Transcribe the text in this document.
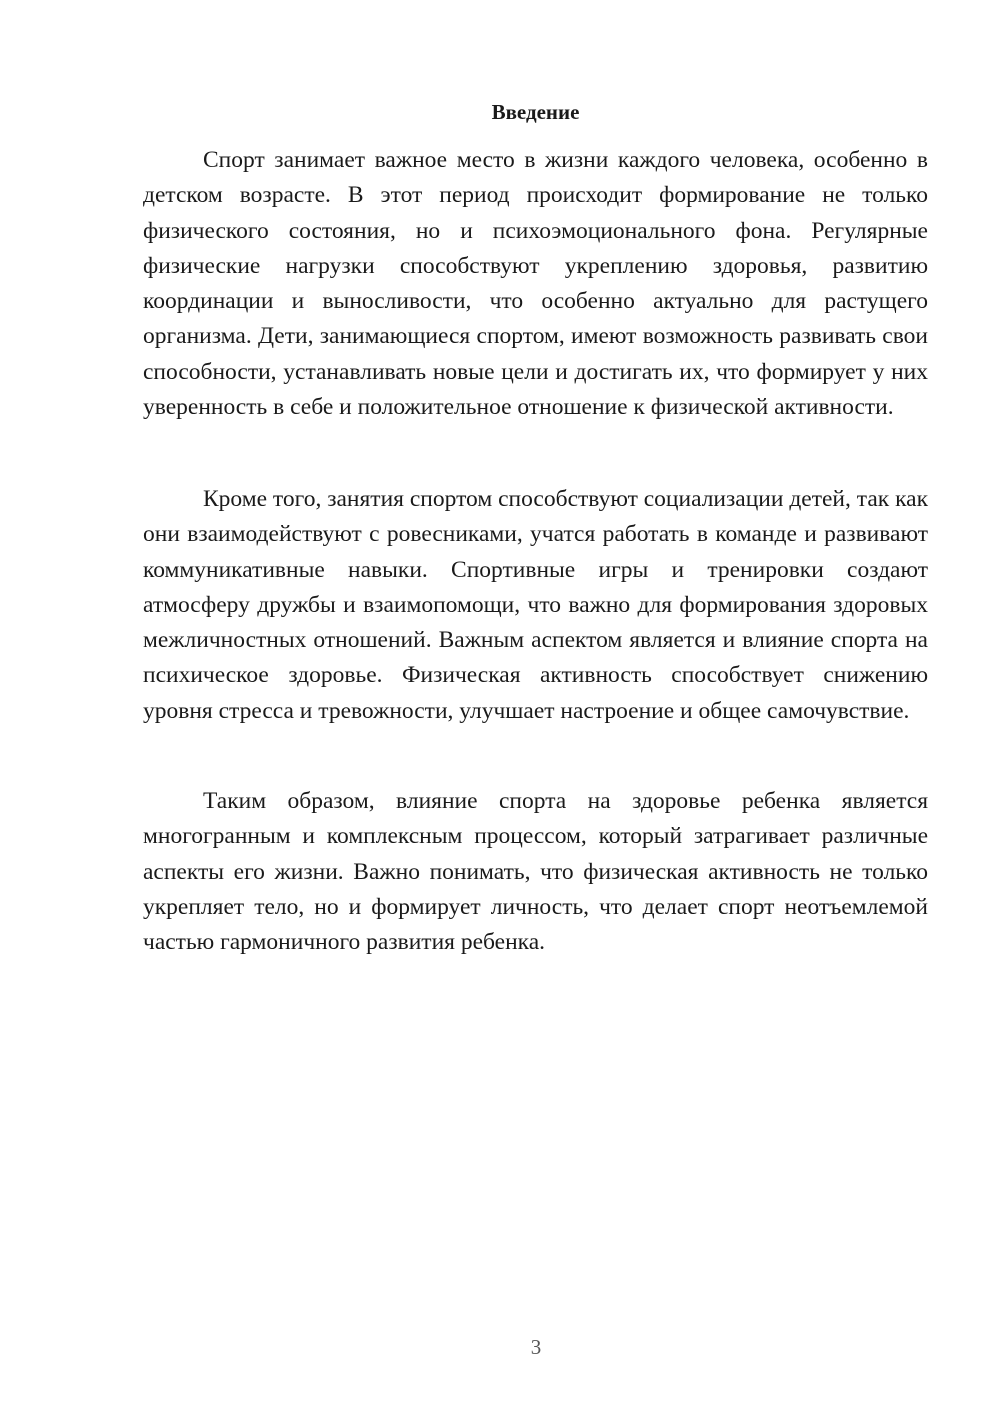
Введение

Спорт занимает важное место в жизни каждого человека, особенно в детском возрасте. В этот период происходит формирование не только физического состояния, но и психоэмоционального фона. Регулярные физические нагрузки способствуют укреплению здоровья, развитию координации и выносливости, что особенно актуально для растущего организма. Дети, занимающиеся спортом, имеют возможность развивать свои способности, устанавливать новые цели и достигать их, что формирует у них уверенность в себе и положительное отношение к физической активности.

Кроме того, занятия спортом способствуют социализации детей, так как они взаимодействуют с ровесниками, учатся работать в команде и развивают коммуникативные навыки. Спортивные игры и тренировки создают атмосферу дружбы и взаимопомощи, что важно для формирования здоровых межличностных отношений. Важным аспектом является и влияние спорта на психическое здоровье. Физическая активность способствует снижению уровня стресса и тревожности, улучшает настроение и общее самочувствие.

Таким образом, влияние спорта на здоровье ребенка является многогранным и комплексным процессом, который затрагивает различные аспекты его жизни. Важно понимать, что физическая активность не только укрепляет тело, но и формирует личность, что делает спорт неотъемлемой частью гармоничного развития ребенка.

3
